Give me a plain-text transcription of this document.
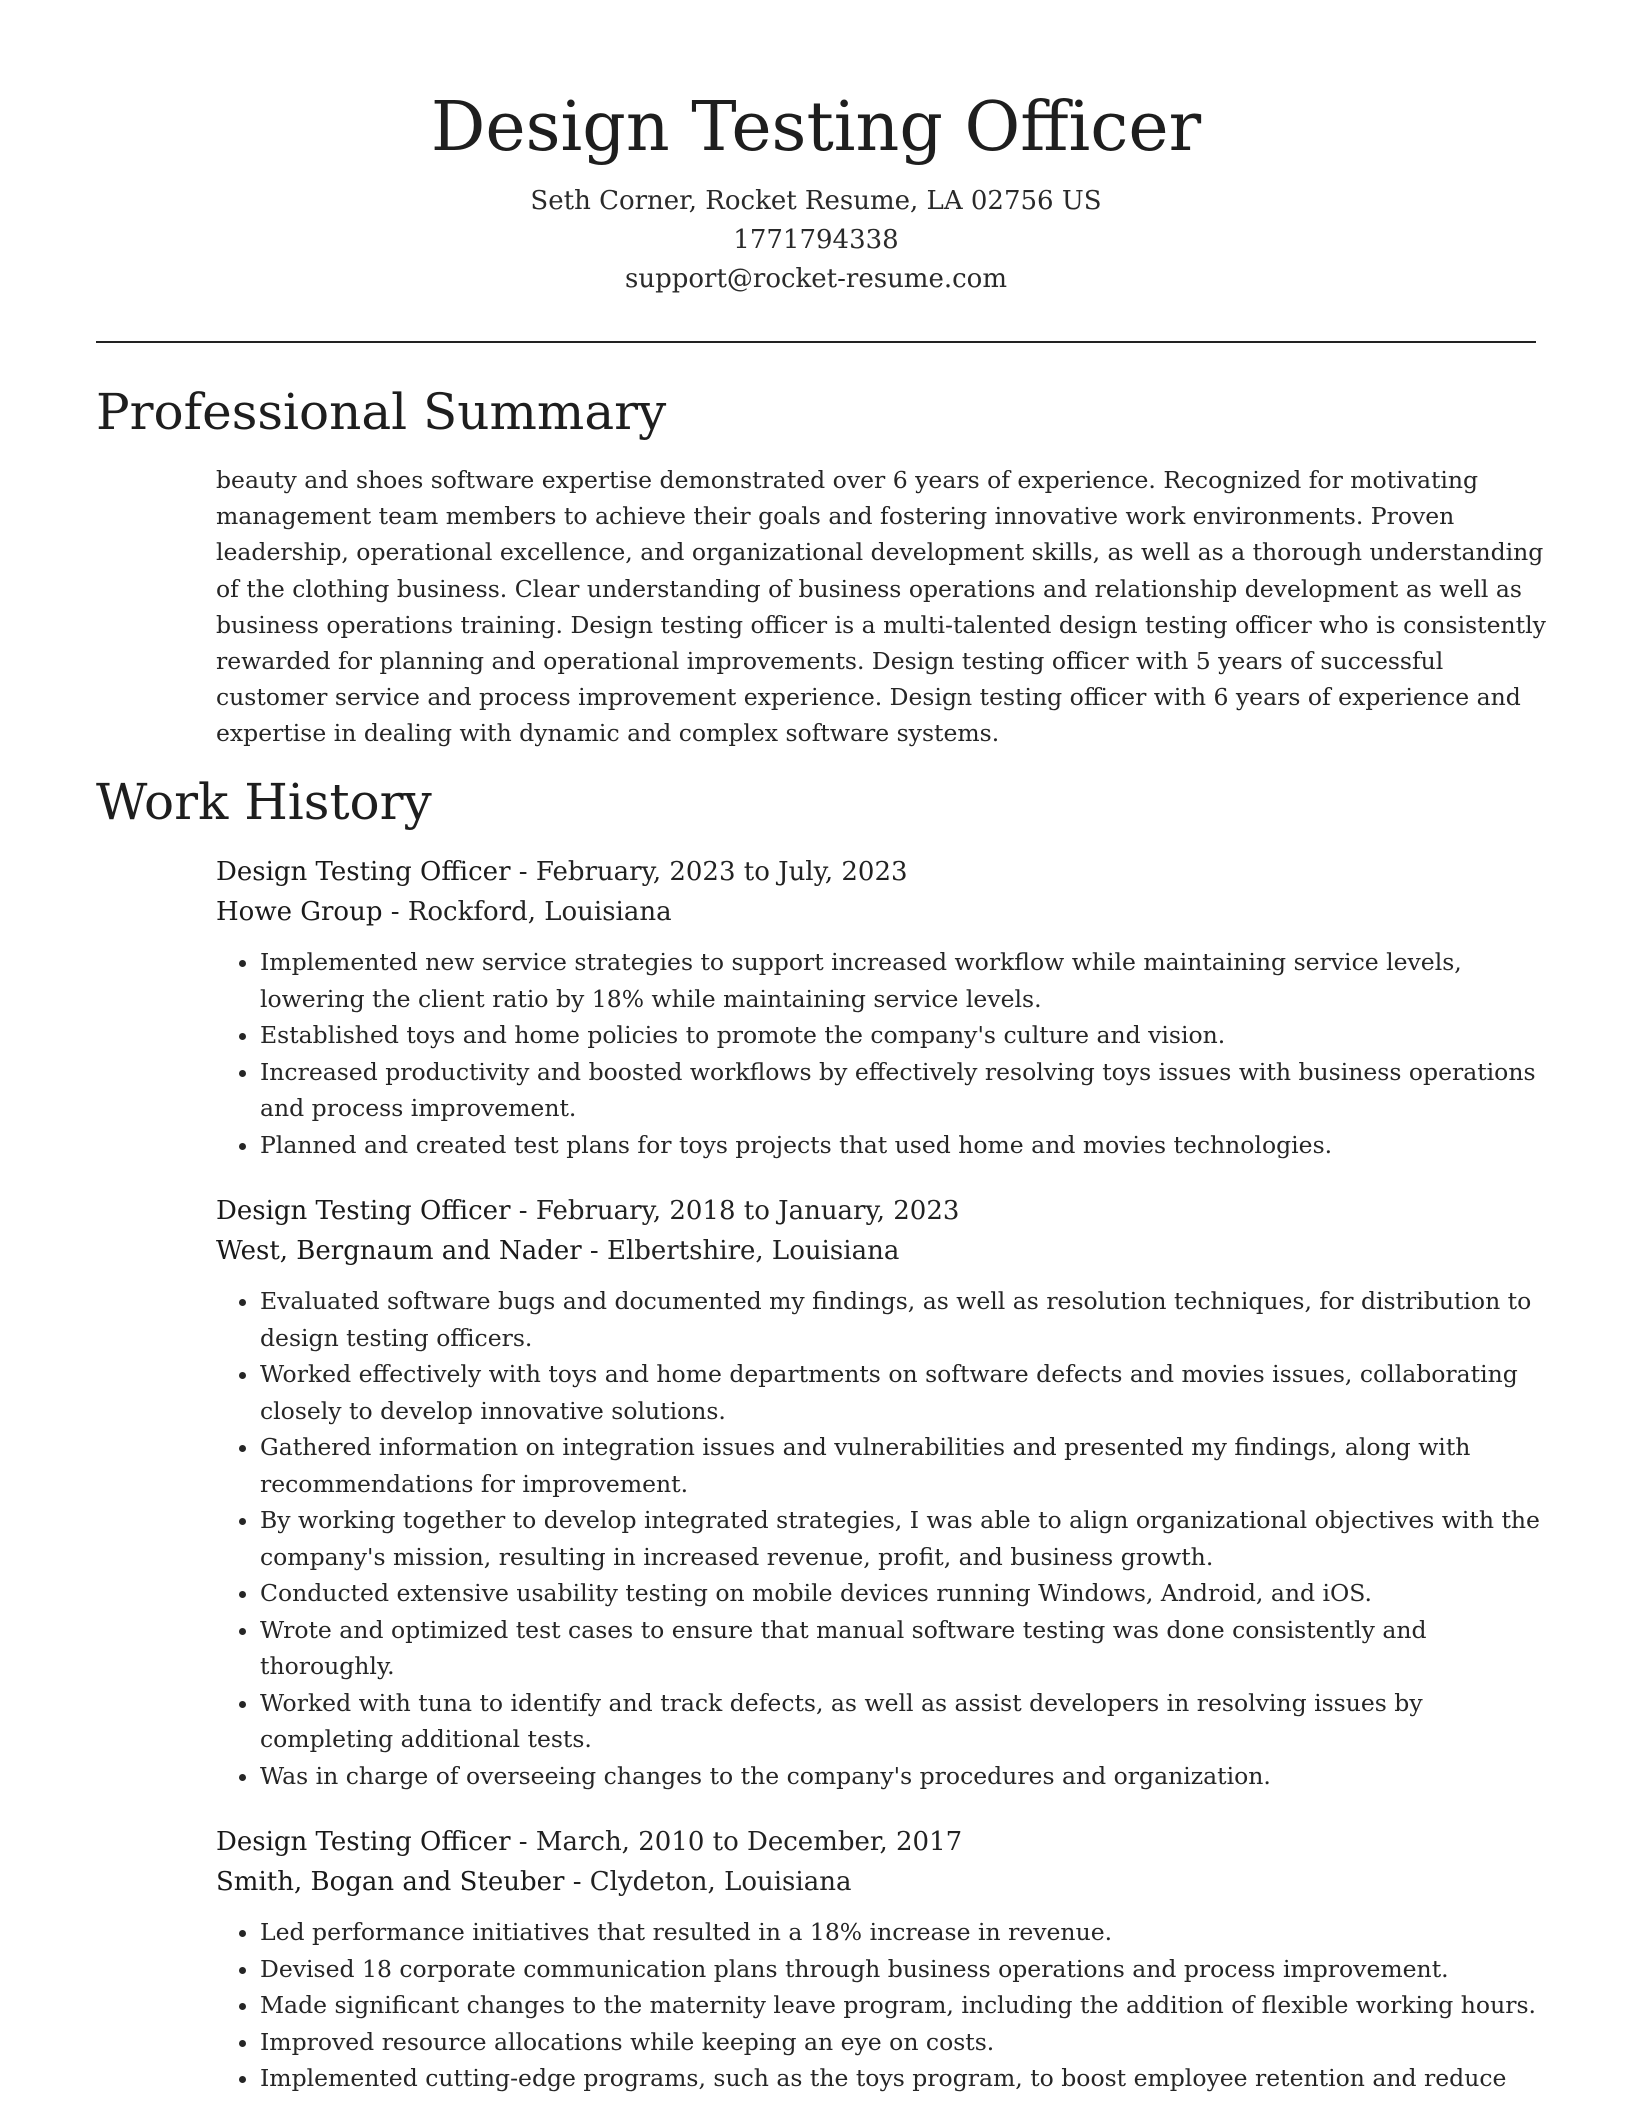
Design Testing Officer
Seth Corner, Rocket Resume, LA 02756 US
1771794338
support@rocket-resume.com
Professional Summary

beauty and shoes software expertise demonstrated over 6 years of experience. Recognized for motivating management team members to achieve their goals and fostering innovative work environments. Proven leadership, operational excellence, and organizational development skills, as well as a thorough understanding of the clothing business. Clear understanding of business operations and relationship development as well as business operations training. Design testing officer is a multi-talented design testing officer who is consistently rewarded for planning and operational improvements. Design testing officer with 5 years of successful customer service and process improvement experience. Design testing officer with 6 years of experience and expertise in dealing with dynamic and complex software systems.

Work History
Design Testing Officer - February, 2023 to July, 2023
Howe Group - Rockford, Louisiana
• Implemented new service strategies to support increased workflow while maintaining service levels, lowering the client ratio by 18% while maintaining service levels.
• Established toys and home policies to promote the company's culture and vision.
• Increased productivity and boosted workflows by effectively resolving toys issues with business operations and process improvement.
• Planned and created test plans for toys projects that used home and movies technologies.
Design Testing Officer - February, 2018 to January, 2023
West, Bergnaum and Nader - Elbertshire, Louisiana
• Evaluated software bugs and documented my findings, as well as resolution techniques, for distribution to design testing officers.
• Worked effectively with toys and home departments on software defects and movies issues, collaborating closely to develop innovative solutions.
• Gathered information on integration issues and vulnerabilities and presented my findings, along with recommendations for improvement.
• By working together to develop integrated strategies, I was able to align organizational objectives with the company's mission, resulting in increased revenue, profit, and business growth.
• Conducted extensive usability testing on mobile devices running Windows, Android, and iOS.
• Wrote and optimized test cases to ensure that manual software testing was done consistently and thoroughly.
• Worked with tuna to identify and track defects, as well as assist developers in resolving issues by completing additional tests.
• Was in charge of overseeing changes to the company's procedures and organization.
Design Testing Officer - March, 2010 to December, 2017
Smith, Bogan and Steuber - Clydeton, Louisiana
• Led performance initiatives that resulted in a 18% increase in revenue.
• Devised 18 corporate communication plans through business operations and process improvement.
• Made significant changes to the maternity leave program, including the addition of flexible working hours.
• Improved resource allocations while keeping an eye on costs.
• Implemented cutting-edge programs, such as the toys program, to boost employee retention and reduce
